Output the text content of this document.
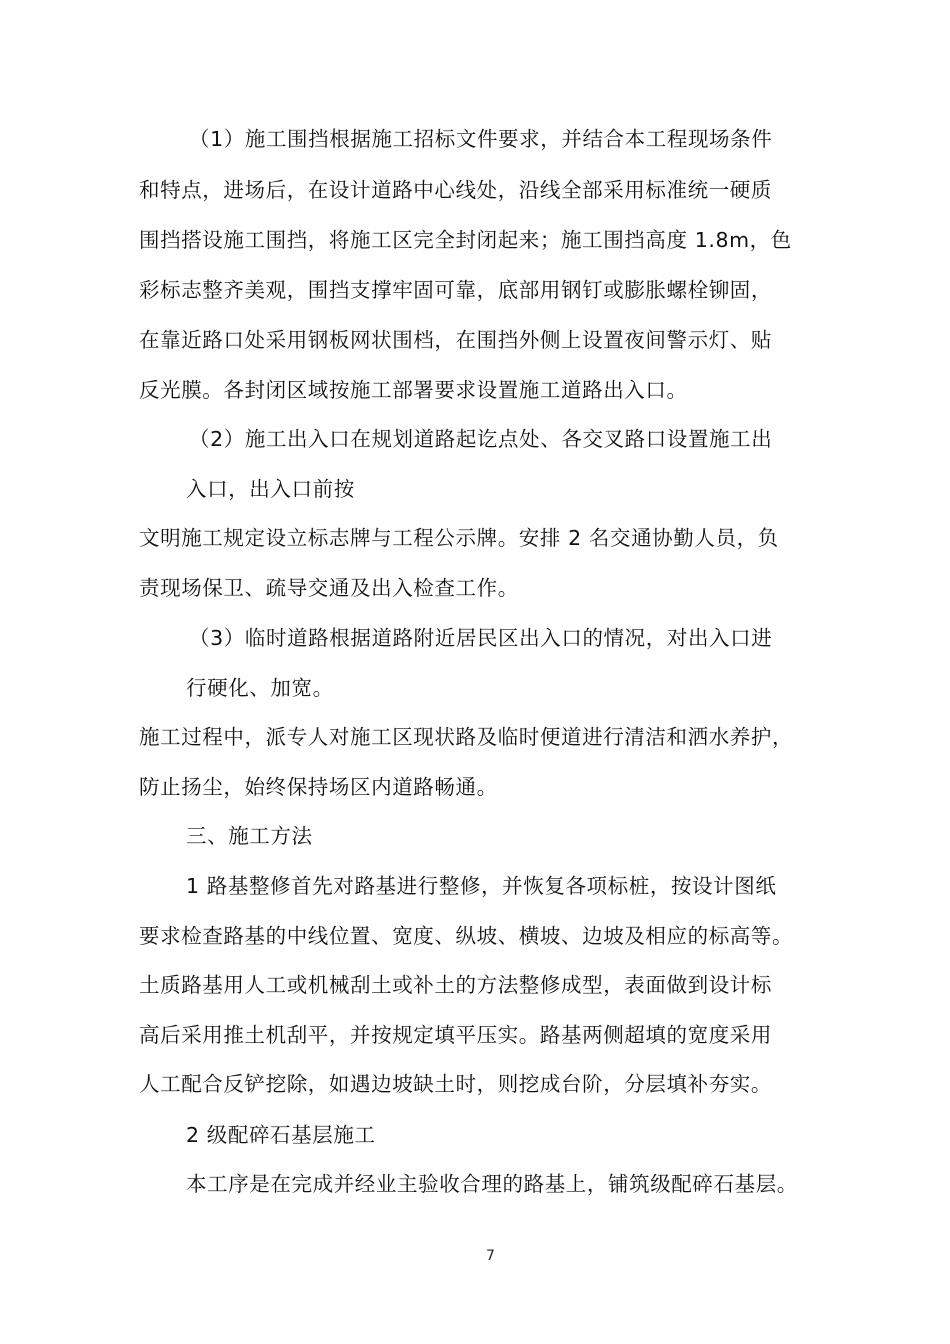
（1）施工围挡根据施工招标文件要求，并结合本工程现场条件
和特点，进场后，在设计道路中心线处，沿线全部采用标准统一硬质
围挡搭设施工围挡，将施工区完全封闭起来；施工围挡高度 1.8m，色
彩标志整齐美观，围挡支撑牢固可靠，底部用钢钉或膨胀螺栓铆固，
在靠近路口处采用钢板网状围档，在围挡外侧上设置夜间警示灯、贴
反光膜。各封闭区域按施工部署要求设置施工道路出入口。
（2）施工出入口在规划道路起讫点处、各交叉路口设置施工出
入口，出入口前按
文明施工规定设立标志牌与工程公示牌。安排 2 名交通协勤人员，负
责现场保卫、疏导交通及出入检查工作。
（3）临时道路根据道路附近居民区出入口的情况，对出入口进
行硬化、加宽。
施工过程中，派专人对施工区现状路及临时便道进行清洁和洒水养护，
防止扬尘，始终保持场区内道路畅通。
三、施工方法
1 路基整修首先对路基进行整修，并恢复各项标桩，按设计图纸
要求检查路基的中线位置、宽度、纵坡、横坡、边坡及相应的标高等。
土质路基用人工或机械刮土或补土的方法整修成型，表面做到设计标
高后采用推土机刮平，并按规定填平压实。路基两侧超填的宽度采用
人工配合反铲挖除，如遇边坡缺土时，则挖成台阶，分层填补夯实。
2 级配碎石基层施工
本工序是在完成并经业主验收合理的路基上，铺筑级配碎石基层。
7
